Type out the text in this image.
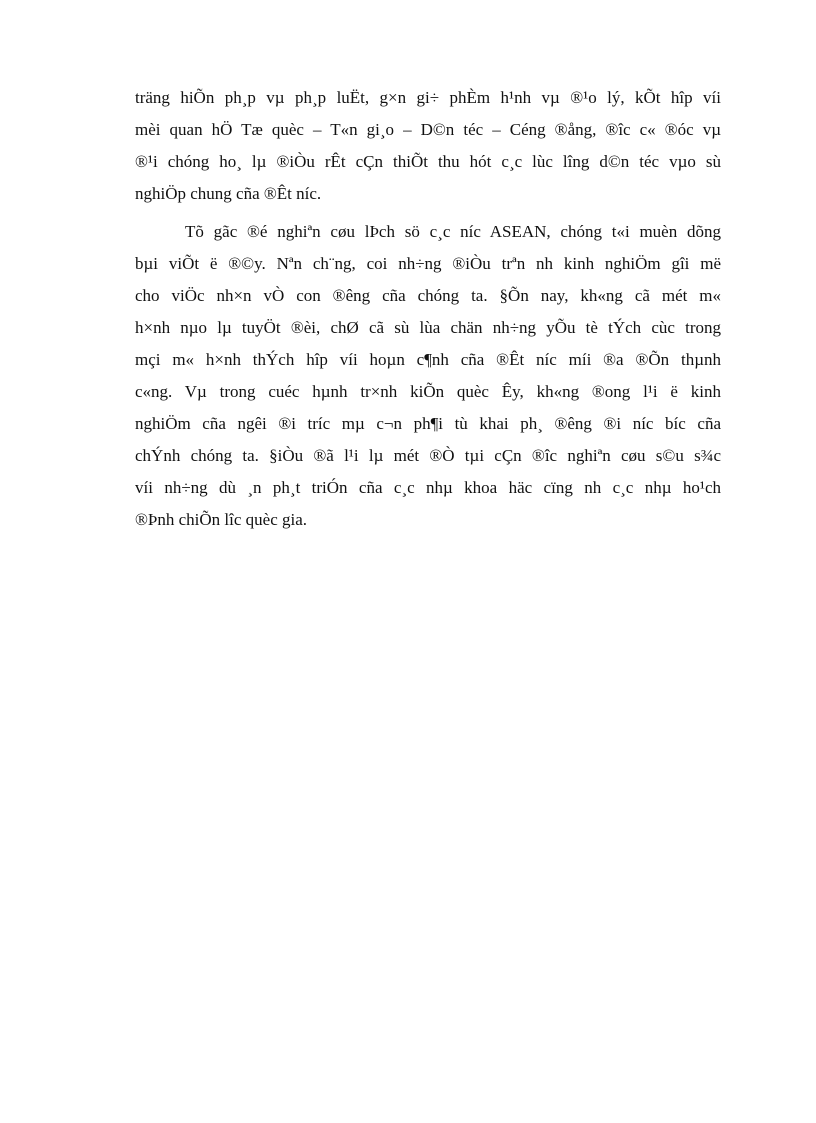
träng hiÕn ph¸p vµ ph¸p luËt, g×n gi÷ phÈm h¹nh vµ ®¹o lý, kÕt hîp víi
mèi quan hÖ Tæ quèc – T«n gi¸o – D©n téc – Céng ®ång, ®îc c« ®óc vµ
®¹i chóng ho¸ lµ ®iÒu rÊt cÇn thiÕt thu hót c¸c lùc lîng d©n téc vµo sù
nghiÖp chung cña ®Êt níc.

Tõ gãc ®é nghiªn cøu lÞch sö c¸c níc ASEAN, chóng t«i muèn dõng
bµi viÕt ë ®©y. Nªn ch¨ng, coi nh÷ng ®iÒu trªn nh kinh nghiÖm gîi më
cho viÖc nh×n vÒ con ®êng cña chóng ta. §Õn nay, kh«ng cã mét m«
h×nh nµo lµ tuyÖt ®èi, chØ cã sù lùa chän nh÷ng yÕu tè tÝch cùc trong
mçi m« h×nh thÝch hîp víi hoµn c¶nh cña ®Êt níc míi ®a ®Õn thµnh
c«ng. Vµ trong cuéc hµnh tr×nh kiÕn quèc Êy, kh«ng ®ong l¹i ë kinh
nghiÖm cña ngêi ®i tríc mµ c¬n ph¶i tù khai ph¸ ®êng ®i níc bíc cña
chÝnh chóng ta. §iÒu ®ã l¹i lµ mét ®Ò tµi cÇn ®îc nghiªn cøu s©u s¾c
víi nh÷ng dù ¸n ph¸t triÓn cña c¸c nhµ khoa häc cïng nh c¸c nhµ ho¹ch
®Þnh chiÕn lîc quèc gia.
